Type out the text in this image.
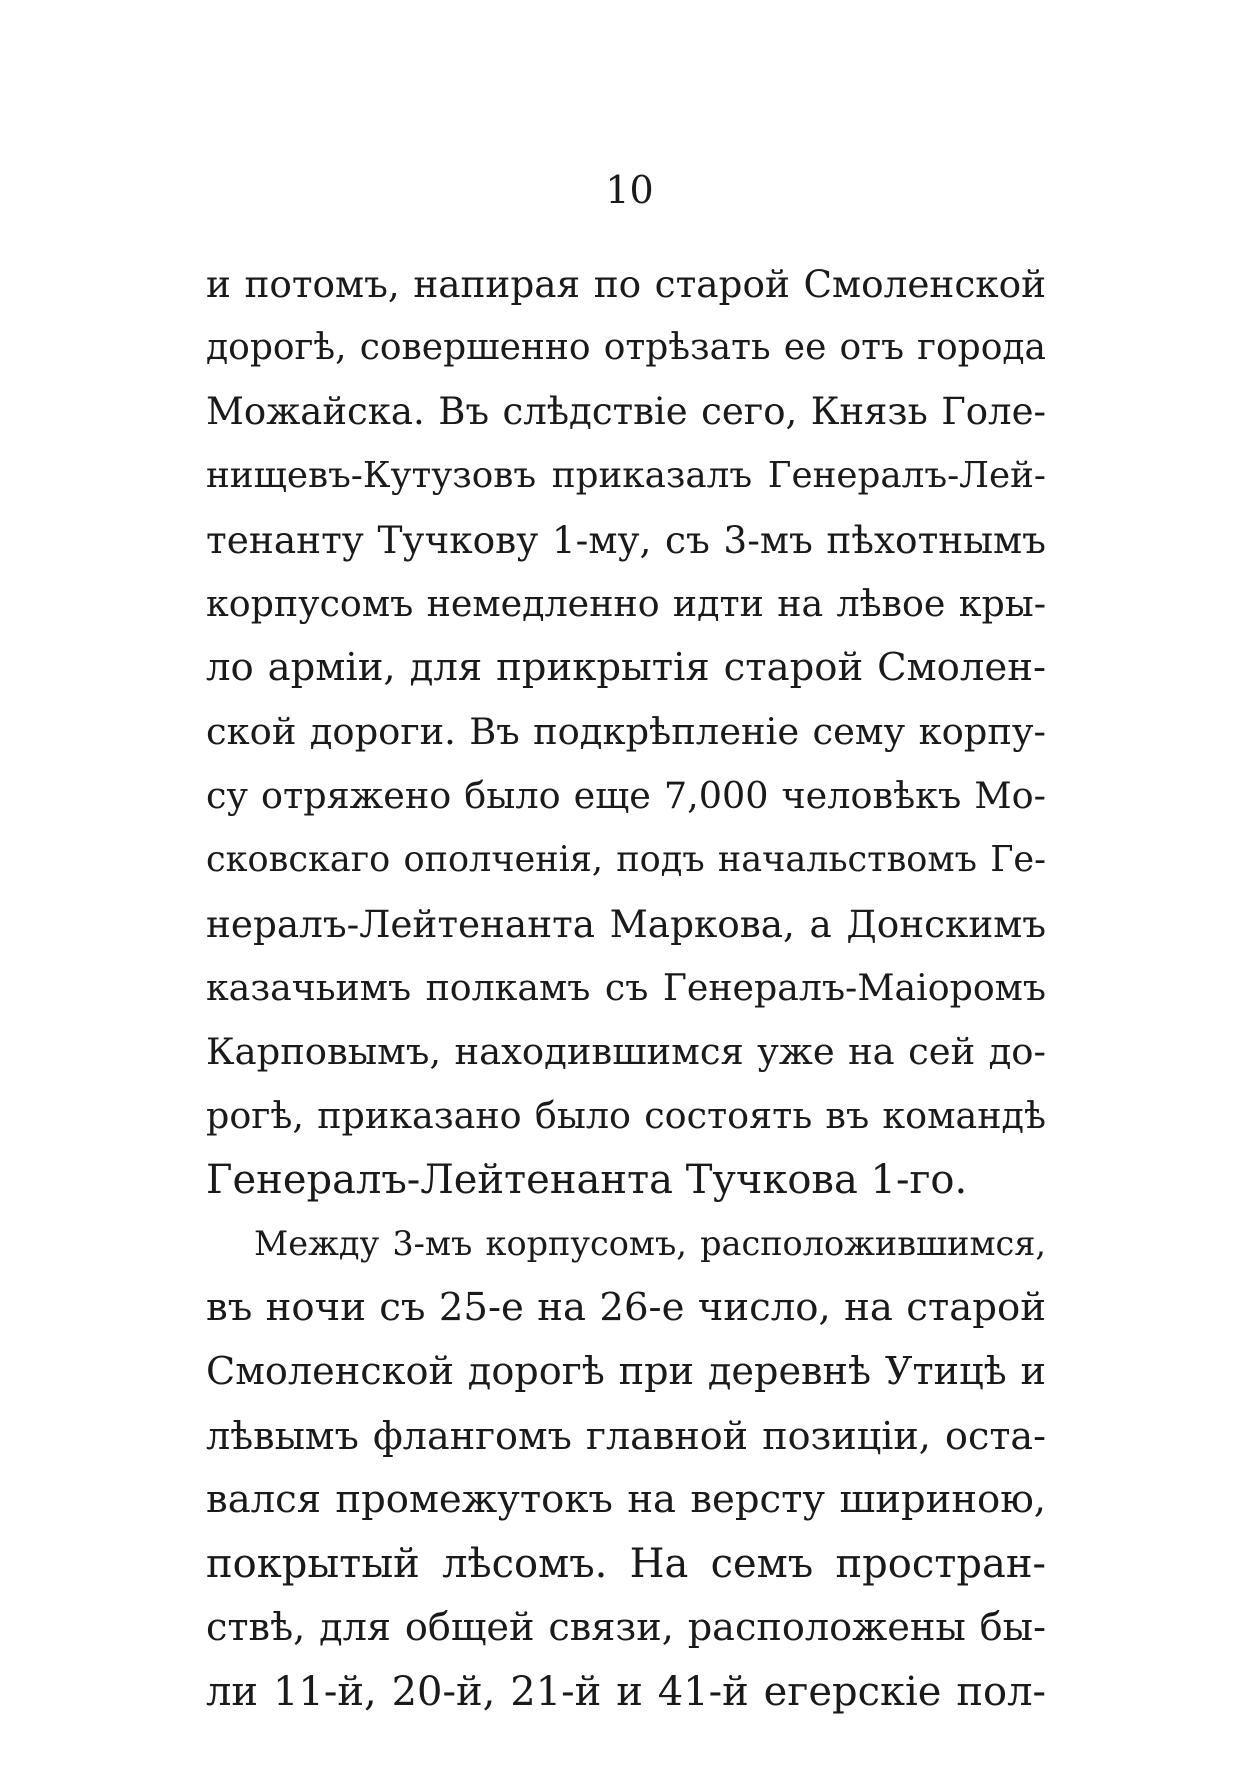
10
и потомъ, напирая по старой Смоленской
дорогѣ, совершенно отрѣзать ее отъ города
Можайска. Въ слѣдствіе сего, Князь Голе-
нищевъ-Кутузовъ приказалъ Генералъ-Лей-
тенанту Тучкову 1-му, съ 3-мъ пѣхотнымъ
корпусомъ немедленно идти на лѣвое кры-
ло арміи, для прикрытія старой Смолен-
ской дороги. Въ подкрѣпленіе сему корпу-
су отряжено было еще 7,000 человѣкъ Мо-
сковскаго ополченія, подъ начальствомъ Ге-
нералъ-Лейтенанта Маркова, а Донскимъ
казачьимъ полкамъ съ Генералъ-Маіоромъ
Карповымъ, находившимся уже на сей до-
рогѣ, приказано было состоять въ командѣ
Генералъ-Лейтенанта Тучкова 1-го.
Между 3-мъ корпусомъ, расположившимся,
въ ночи съ 25-е на 26-е число, на старой
Смоленской дорогѣ при деревнѣ Утицѣ и
лѣвымъ флангомъ главной позиціи, оста-
вался промежутокъ на версту шириною,
покрытый лѣсомъ. На семъ простран-
ствѣ, для общей связи, расположены бы-
ли 11-й, 20-й, 21-й и 41-й егерскіе пол-
